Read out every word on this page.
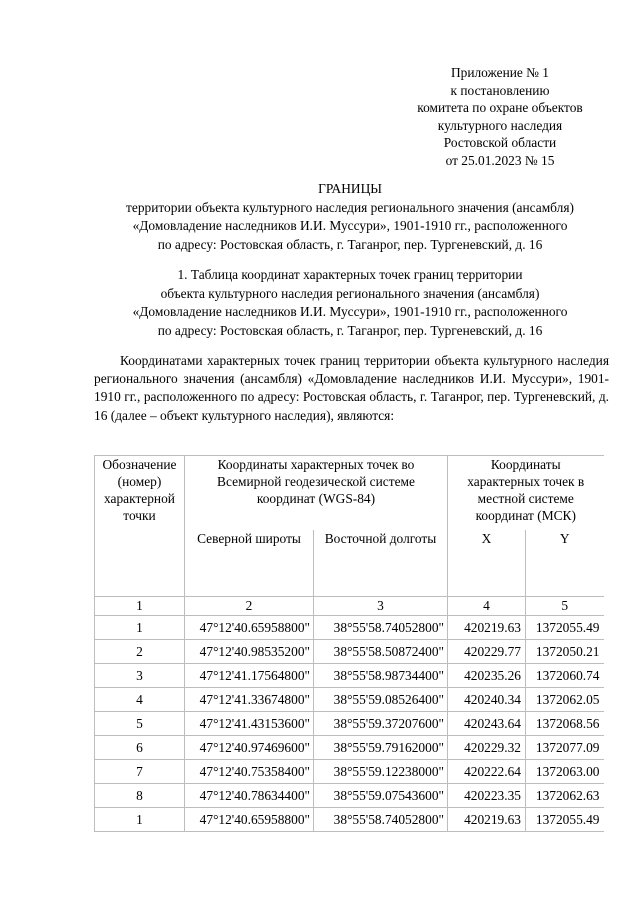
Приложение № 1
к постановлению
комитета по охране объектов
культурного наследия
Ростовской области
от 25.01.2023 № 15
ГРАНИЦЫ
территории объекта культурного наследия регионального значения (ансамбля)
«Домовладение наследников И.И. Муссури», 1901-1910 гг., расположенного
по адресу: Ростовская область, г. Таганрог, пер. Тургеневский, д. 16
1. Таблица координат характерных точек границ территории
объекта культурного наследия регионального значения (ансамбля)
«Домовладение наследников И.И. Муссури», 1901-1910 гг., расположенного
по адресу: Ростовская область, г. Таганрог, пер. Тургеневский, д. 16
Координатами характерных точек границ территории объекта культурного наследия регионального значения (ансамбля) «Домовладение наследников И.И. Муссури», 1901-1910 гг., расположенного по адресу: Ростовская область, г. Таганрог, пер. Тургеневский, д. 16 (далее – объект культурного наследия), являются:
Обозначение (номер) характерной точки	Координаты характерных точек во Всемирной геодезической системе координат (WGS-84)		Координаты характерных точек в местной системе координат (МСК)	
	Северной широты	Восточной долготы	X	Y
1	2	3	4	5
1	47°12'40.65958800"	38°55'58.74052800"	420219.63	1372055.49
2	47°12'40.98535200"	38°55'58.50872400"	420229.77	1372050.21
3	47°12'41.17564800"	38°55'58.98734400"	420235.26	1372060.74
4	47°12'41.33674800"	38°55'59.08526400"	420240.34	1372062.05
5	47°12'41.43153600"	38°55'59.37207600"	420243.64	1372068.56
6	47°12'40.97469600"	38°55'59.79162000"	420229.32	1372077.09
7	47°12'40.75358400"	38°55'59.12238000"	420222.64	1372063.00
8	47°12'40.78634400"	38°55'59.07543600"	420223.35	1372062.63
1	47°12'40.65958800"	38°55'58.74052800"	420219.63	1372055.49
